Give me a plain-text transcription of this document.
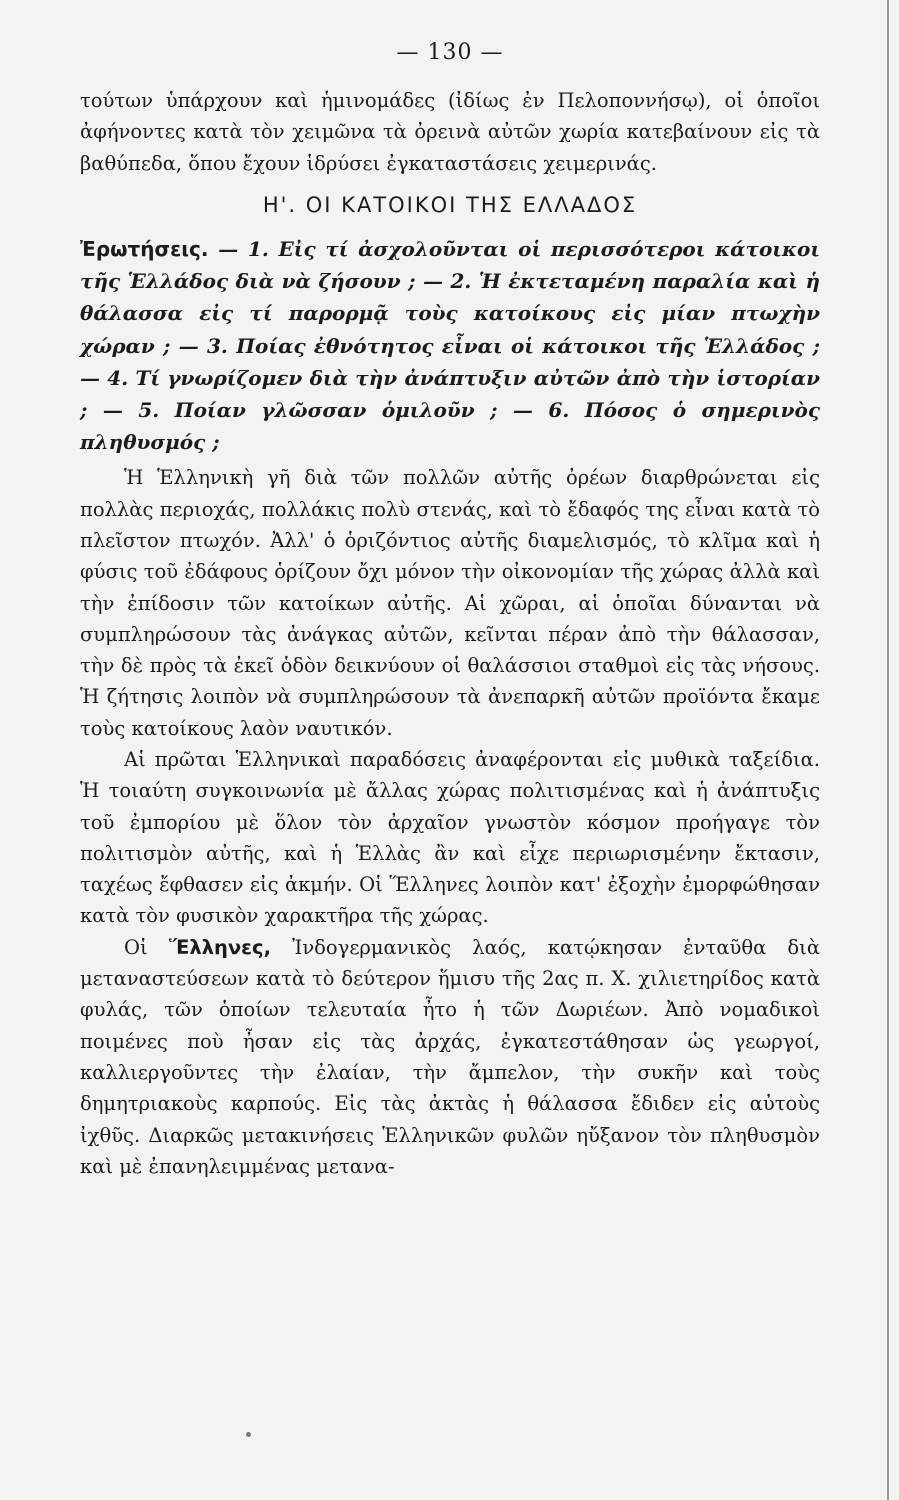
— 130 —

τούτων ὑπάρχουν καὶ ἡμινομάδες (ἰδίως ἐν Πελοποννήσῳ), οἱ ὁποῖοι ἀφήνοντες κατὰ τὸν χειμῶνα τὰ ὀρεινὰ αὐτῶν χωρία κατεβαίνουν εἰς τὰ βαθύπεδα, ὅπου ἔχουν ἱδρύσει ἐγκαταστάσεις χειμερινάς.

Η'. ΟΙ ΚΑΤΟΙΚΟΙ ΤΗΣ ΕΛΛΑΔΟΣ
Ἐρωτήσεις. — 1. Εἰς τί ἀσχολοῦνται οἱ περισσότεροι κάτοικοι τῆς Ἑλλάδος διὰ νὰ ζήσουν ; — 2. Ἡ ἐκτεταμένη παραλία καὶ ἡ θάλασσα εἰς τί παρορμᾷ τοὺς κατοίκους εἰς μίαν πτωχὴν χώραν ; — 3. Ποίας ἐθνότητος εἶναι οἱ κάτοικοι τῆς Ἑλλάδος ; — 4. Τί γνωρίζομεν διὰ τὴν ἀνάπτυξιν αὐτῶν ἀπὸ τὴν ἱστορίαν ; — 5. Ποίαν γλῶσσαν ὁμιλοῦν ; — 6. Πόσος ὁ σημερινὸς πληθυσμός ;

Ἡ Ἑλληνικὴ γῆ διὰ τῶν πολλῶν αὐτῆς ὀρέων διαρθρώνεται εἰς πολλὰς περιοχάς, πολλάκις πολὺ στενάς, καὶ τὸ ἔδαφός της εἶναι κατὰ τὸ πλεῖστον πτωχόν. Ἀλλ' ὁ ὁριζόντιος αὐτῆς διαμελισμός, τὸ κλῖμα καὶ ἡ φύσις τοῦ ἐδάφους ὁρίζουν ὄχι μόνον τὴν οἰκονομίαν τῆς χώρας ἀλλὰ καὶ τὴν ἐπίδοσιν τῶν κατοίκων αὐτῆς. Αἱ χῶραι, αἱ ὁποῖαι δύνανται νὰ συμπληρώσουν τὰς ἀνάγκας αὐτῶν, κεῖνται πέραν ἀπὸ τὴν θάλασσαν, τὴν δὲ πρὸς τὰ ἐκεῖ ὁδὸν δεικνύουν οἱ θαλάσσιοι σταθμοὶ εἰς τὰς νήσους. Ἡ ζήτησις λοιπὸν νὰ συμπληρώσουν τὰ ἀνεπαρκῆ αὐτῶν προϊόντα ἔκαμε τοὺς κατοίκους λαὸν ναυτικόν.

Αἱ πρῶται Ἑλληνικαὶ παραδόσεις ἀναφέρονται εἰς μυθικὰ ταξείδια. Ἡ τοιαύτη συγκοινωνία μὲ ἄλλας χώρας πολιτισμένας καὶ ἡ ἀνάπτυξις τοῦ ἐμπορίου μὲ ὅλον τὸν ἀρχαῖον γνωστὸν κόσμον προήγαγε τὸν πολιτισμὸν αὐτῆς, καὶ ἡ Ἑλλὰς ἂν καὶ εἶχε περιωρισμένην ἔκτασιν, ταχέως ἔφθασεν εἰς ἀκμήν. Οἱ Ἕλληνες λοιπὸν κατ' ἐξοχὴν ἐμορφώθησαν κατὰ τὸν φυσικὸν χαρακτῆρα τῆς χώρας.

Οἱ Ἕλληνες, Ἰνδογερμανικὸς λαός, κατῴκησαν ἐνταῦθα διὰ μεταναστεύσεων κατὰ τὸ δεύτερον ἥμισυ τῆς 2ας π. Χ. χιλιετηρίδος κατὰ φυλάς, τῶν ὁποίων τελευταία ἦτο ἡ τῶν Δωριέων. Ἀπὸ νομαδικοὶ ποιμένες ποὺ ἦσαν εἰς τὰς ἀρχάς, ἐγκατεστάθησαν ὡς γεωργοί, καλλιεργοῦντες τὴν ἐλαίαν, τὴν ἄμπελον, τὴν συκῆν καὶ τοὺς δημητριακοὺς καρπούς. Εἰς τὰς ἀκτὰς ἡ θάλασσα ἔδιδεν εἰς αὐτοὺς ἰχθῦς. Διαρκῶς μετακινήσεις Ἑλληνικῶν φυλῶν ηὔξανον τὸν πληθυσμὸν καὶ μὲ ἐπανηλειμμένας μετανα-
